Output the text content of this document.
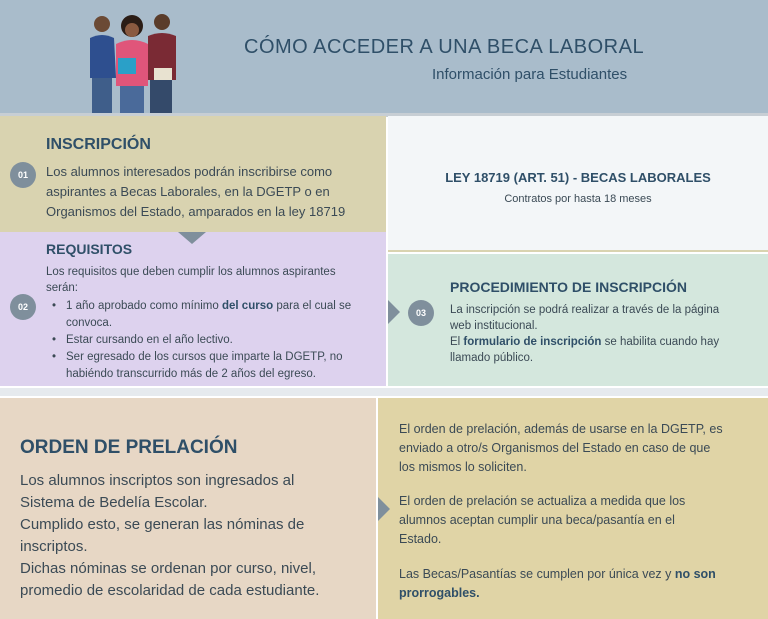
CÓMO ACCEDER A UNA BECA LABORAL
Información para Estudiantes
01
INSCRIPCIÓN
Los alumnos interesados podrán inscribirse como
aspirantes a Becas Laborales, en la DGETP o en
Organismos del Estado, amparados en la ley 18719
LEY 18719 (ART. 51) - BECAS LABORALES
Contratos por hasta 18 meses
02
REQUISITOS
Los requisitos que deben cumplir los alumnos aspirantes
serán:
• 1 año aprobado como mínimo del curso para el cual se convoca.
• Estar cursando en el año lectivo.
• Ser egresado de los cursos que imparte la DGETP, no habiéndo transcurrido más de 2 años del egreso.
03
PROCEDIMIENTO DE INSCRIPCIÓN
La inscripción se podrá realizar a través de la página
web institucional.
El formulario de inscripción se habilita cuando hay
llamado público.
ORDEN DE PRELACIÓN
Los alumnos inscriptos son ingresados al
Sistema de Bedelía Escolar.
Cumplido esto, se generan las nóminas de
inscriptos.
Dichas nóminas se ordenan por curso, nivel,
promedio de escolaridad de cada estudiante.
El orden de prelación, además de usarse en la DGETP, es
enviado a otro/s Organismos del Estado en caso de que
los mismos lo soliciten.
El orden de prelación se actualiza a medida que los
alumnos aceptan cumplir una beca/pasantía en el
Estado.
Las Becas/Pasantías se cumplen por única vez y no son
prorrogables.
